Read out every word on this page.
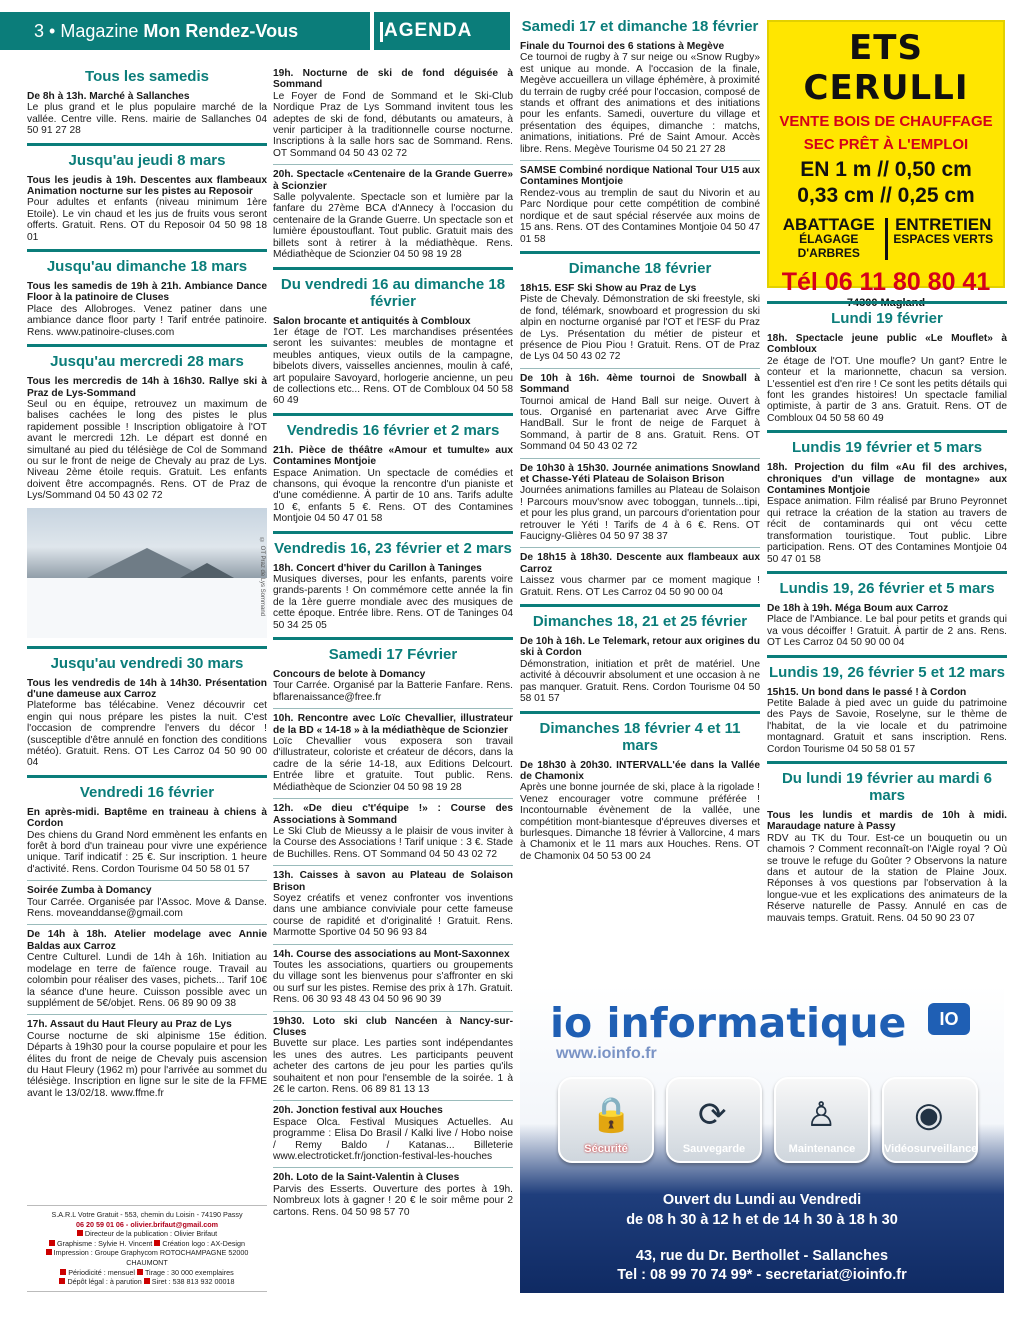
3 • Magazine Mon Rendez-Vous	AGENDA
Tous les samedis
De 8h à 13h. Marché à Sallanches
Le plus grand et le plus populaire marché de la vallée. Centre ville. Rens. mairie de Sallanches 04 50 91 27 28
Jusqu'au jeudi 8 mars
Tous les jeudis à 19h. Descentes aux flambeaux Animation nocturne sur les pistes au Reposoir
Pour adultes et enfants (niveau minimum 1ère Etoile). Le vin chaud et les jus de fruits vous seront offerts. Gratuit. Rens. OT du Reposoir 04 50 98 18 01
Jusqu'au dimanche 18 mars
Tous les samedis de 19h à 21h. Ambiance Dance Floor à la patinoire de Cluses
Place des Allobroges. Venez patiner dans une ambiance dance floor party ! Tarif entrée patinoire. Rens. www.patinoire-cluses.com
Jusqu'au mercredi 28 mars
Tous les mercredis de 14h à 16h30. Rallye ski à Praz de Lys-Sommand
Seul ou en équipe, retrouvez un maximum de balises cachées le long des pistes le plus rapidement possible ! Inscription obligatoire à l'OT avant le mercredi 12h. Le départ est donné en simultané au pied du télésiège de Col de Sommand ou sur le front de neige de Chevaly au praz de Lys. Niveau 2ème étoile requis. Gratuit. Les enfants doivent être accompagnés. Rens. OT de Praz de Lys/Sommand 04 50 43 02 72
© OT Praz de Lys Sommand
Jusqu'au vendredi 30 mars
Tous les vendredis de 14h à 14h30. Présentation d'une dameuse aux Carroz
Plateforme bas télécabine. Venez découvrir cet engin qui nous prépare les pistes la nuit. C'est l'occasion de comprendre l'envers du décor ! (susceptible d'être annulé en fonction des conditions météo). Gratuit. Rens. OT Les Carroz 04 50 90 00 04
Vendredi 16 février
En après-midi. Baptême en traineau à chiens à Cordon
Des chiens du Grand Nord emmènent les enfants en forêt à bord d'un traineau pour vivre une expérience unique. Tarif indicatif : 25 €. Sur inscription. 1 heure d'activité. Rens. Cordon Tourisme 04 50 58 01 57
Soirée Zumba à Domancy
Tour Carrée. Organisée par l'Assoc. Move & Danse. Rens. moveanddanse@gmail.com
De 14h à 18h. Atelier modelage avec Annie Baldas aux Carroz
Centre Culturel. Lundi de 14h à 16h. Initiation au modelage en terre de faïence rouge. Travail au colombin pour réaliser des vases, pichets... Tarif 10€ la séance d'une heure. Cuisson possible avec un supplément de 5€/objet. Rens. 06 89 90 09 38
17h. Assaut du Haut Fleury au Praz de Lys
Course nocturne de ski alpinisme 15e édition. Départs à 19h30 pour la course populaire et pour les élites du front de neige de Chevaly puis ascension du Haut Fleury (1962 m) pour l'arrivée au sommet du télésiège. Inscription en ligne sur le site de la FFME avant le 13/02/18. www.ffme.fr
S.A.R.L Votre Gratuit - 553, chemin du Loisin - 74190 Passy
06 20 59 01 06 - olivier.brifaut@gmail.com
Directeur de la publication : Olivier Brifaut
Graphisme : Sylvie H. Vincent Création logo : AX-Design
Impression : Groupe Graphycom ROTOCHAMPAGNE 52000 CHAUMONT
Périodicité : mensuel Tirage : 30 000 exemplaires
Dépôt légal : à parution Siret : 538 813 932 00018
19h. Nocturne de ski de fond déguisée à Sommand
Le Foyer de Fond de Sommand et le Ski-Club Nordique Praz de Lys Sommand invitent tous les adeptes de ski de fond, débutants ou amateurs, à venir participer à la traditionnelle course nocturne. Inscriptions à la salle hors sac de Sommand. Rens. OT Sommand 04 50 43 02 72
20h. Spectacle «Centenaire de la Grande Guerre» à Scionzier
Salle polyvalente. Spectacle son et lumière par la fanfare du 27ème BCA d'Annecy à l'occasion du centenaire de la Grande Guerre. Un spectacle son et lumière époustouflant. Tout public. Gratuit mais des billets sont à retirer à la médiathèque. Rens. Médiathèque de Scionzier 04 50 98 19 28
Du vendredi 16 au dimanche 18 février
Salon brocante et antiquités à Combloux
1er étage de l'OT. Les marchandises présentées seront les suivantes: meubles de montagne et meubles antiques, vieux outils de la campagne, bibelots divers, vaisselles anciennes, moulin à café, art populaire Savoyard, horlogerie ancienne, un peu de collections etc... Rens. OT de Combloux 04 50 58 60 49
Vendredis 16 février et 2 mars
21h. Pièce de théâtre «Amour et tumulte» aux Contamines Montjoie
Espace Animation. Un spectacle de comédies et chansons, qui évoque la rencontre d'un pianiste et d'une comédienne. À partir de 10 ans. Tarifs adulte 10 €, enfants 5 €. Rens. OT des Contamines Montjoie 04 50 47 01 58
Vendredis 16, 23 février et 2 mars
18h. Concert d'hiver du Carillon à Taninges
Musiques diverses, pour les enfants, parents voire grands-parents ! On commémore cette année la fin de la 1ère guerre mondiale avec des musiques de cette époque. Entrée libre. Rens. OT de Taninges 04 50 34 25 05
Samedi 17 Février
Concours de belote à Domancy
Tour Carrée. Organisé par la Batterie Fanfare. Rens. bflarenaissance@free.fr
10h. Rencontre avec Loïc Chevallier, illustrateur de la BD « 14-18 » à la médiathèque de Scionzier
Loïc Chevallier vous exposera son travail d'illustrateur, coloriste et créateur de décors, dans la cadre de la série 14-18, aux Editions Delcourt. Entrée libre et gratuite. Tout public. Rens. Médiathèque de Scionzier 04 50 98 19 28
12h. «De dieu c't'équipe !» : Course des Associations à Sommand
Le Ski Club de Mieussy a le plaisir de vous inviter à la Course des Associations ! Tarif unique : 3 €. Stade de Buchilles. Rens. OT Sommand 04 50 43 02 72
13h. Caisses à savon au Plateau de Solaison Brison
Soyez créatifs et venez confronter vos inventions dans une ambiance conviviale pour cette fameuse course de rapidité et d'originalité ! Gratuit. Rens. Marmotte Sportive 04 50 96 93 84
14h. Course des associations au Mont-Saxonnex
Toutes les associations, quartiers ou groupements du village sont les bienvenus pour s'affronter en ski ou surf sur les pistes. Remise des prix à 17h. Gratuit. Rens. 06 30 93 48 43 04 50 96 90 39
19h30. Loto ski club Nancéen à Nancy-sur-Cluses
Buvette sur place. Les parties sont indépendantes les unes des autres. Les participants peuvent acheter des cartons de jeu pour les parties qu'ils souhaitent et non pour l'ensemble de la soirée. 1 à 2€ le carton. Rens. 06 89 81 13 13
20h. Jonction festival aux Houches
Espace Olca. Festival Musiques Actuelles. Au programme : Elisa Do Brasil / Kalki live / Hobo noise / Remy Baldo / Katanas... Billeterie www.electroticket.fr/jonction-festival-les-houches
20h. Loto de la Saint-Valentin à Cluses
Parvis des Esserts. Ouverture des portes à 19h. Nombreux lots à gagner ! 20 € le soir même pour 2 cartons. Rens. 04 50 98 57 70
Samedi 17 et dimanche 18 février
Finale du Tournoi des 6 stations à Megève
Ce tournoi de rugby à 7 sur neige ou «Snow Rugby» est unique au monde. A l'occasion de la finale, Megève accueillera un village éphémère, à proximité du terrain de rugby créé pour l'occasion, composé de stands et offrant des animations et des initiations pour les enfants. Samedi, ouverture du village et présentation des équipes, dimanche : matchs, animations, initiations. Pré de Saint Amour. Accès libre. Rens. Megève Tourisme 04 50 21 27 28
SAMSE Combiné nordique National Tour U15 aux Contamines Montjoie
Rendez-vous au tremplin de saut du Nivorin et au Parc Nordique pour cette compétition de combiné nordique et de saut spécial réservée aux moins de 15 ans. Rens. OT des Contamines Montjoie 04 50 47 01 58
Dimanche 18 février
18h15. ESF Ski Show au Praz de Lys
Piste de Chevaly. Démonstration de ski freestyle, ski de fond, télémark, snowboard et progression du ski alpin en nocturne organisé par l'OT et l'ESF du Praz de Lys. Présentation du métier de pisteur et présence de Piou Piou ! Gratuit. Rens. OT de Praz de Lys 04 50 43 02 72
De 10h à 16h. 4ème tournoi de Snowball à Sommand
Tournoi amical de Hand Ball sur neige. Ouvert à tous. Organisé en partenariat avec Arve Giffre HandBall. Sur le front de neige de Farquet à Sommand, à partir de 8 ans. Gratuit. Rens. OT Sommand 04 50 43 02 72
De 10h30 à 15h30. Journée animations Snowland et Chasse-Yéti Plateau de Solaison Brison
Journées animations familles au Plateau de Solaison ! Parcours mouv'snow avec toboggan, tunnels...tipi, et pour les plus grand, un parcours d'orientation pour retrouver le Yéti ! Tarifs de 4 à 6 €. Rens. OT Faucigny-Glières 04 50 97 38 37
De 18h15 à 18h30. Descente aux flambeaux aux Carroz
Laissez vous charmer par ce moment magique ! Gratuit. Rens. OT Les Carroz 04 50 90 00 04
Dimanches 18, 21 et 25 février
De 10h à 16h. Le Telemark, retour aux origines du ski à Cordon
Démonstration, initiation et prêt de matériel. Une activité à découvrir absolument et une occasion à ne pas manquer. Gratuit. Rens. Cordon Tourisme 04 50 58 01 57
Dimanches 18 février 4 et 11 mars
De 18h30 à 20h30. INTERVALL'ée dans la Vallée de Chamonix
Après une bonne journée de ski, place à la rigolade ! Venez encourager votre commune préférée ! Incontournable évènement de la vallée, une compétition mont-biantesque d'épreuves diverses et burlesques. Dimanche 18 février à Vallorcine, 4 mars à Chamonix et le 11 mars aux Houches. Rens. OT de Chamonix 04 50 53 00 24
ETS CERULLI
VENTE BOIS DE CHAUFFAGE
SEC PRÊT À L'EMPLOI
EN 1 m // 0,50 cm
0,33 cm // 0,25 cm
ABATTAGE
ÉLAGAGE D'ARBRES
ENTRETIEN
ESPACES VERTS
Tél 06 11 80 80 41
74300 Magland
Lundi 19 février
18h. Spectacle jeune public «Le Mouflet» à Combloux
2e étage de l'OT. Une moufle? Un gant? Entre le conteur et la marionnette, chacun sa version. L'essentiel est d'en rire ! Ce sont les petits détails qui font les grandes histoires! Un spectacle familial optimiste, à partir de 3 ans. Gratuit. Rens. OT de Combloux 04 50 58 60 49
Lundis 19 février et 5 mars
18h. Projection du film «Au fil des archives, chroniques d'un village de montagne» aux Contamines Montjoie
Espace animation. Film réalisé par Bruno Peyronnet qui retrace la création de la station au travers de récit de contaminards qui ont vécu cette transformation touristique. Tout public. Libre participation. Rens. OT des Contamines Montjoie 04 50 47 01 58
Lundis 19, 26 février et 5 mars
De 18h à 19h. Méga Boum aux Carroz
Place de l'Ambiance. Le bal pour petits et grands qui va vous décoiffer ! Gratuit. À partir de 2 ans. Rens. OT Les Carroz 04 50 90 00 04
Lundis 19, 26 février 5 et 12 mars
15h15. Un bond dans le passé ! à Cordon
Petite Balade à pied avec un guide du patrimoine des Pays de Savoie, Roselyne, sur le thème de l'habitat, de la vie locale et du patrimoine montagnard. Gratuit et sans inscription. Rens. Cordon Tourisme 04 50 58 01 57
Du lundi 19 février au mardi 6 mars
Tous les lundis et mardis de 10h à midi. Maraudage nature à Passy
RDV au TK du Tour. Est-ce un bouquetin ou un chamois ? Comment reconnaît-on l'Aigle royal ? Où se trouve le refuge du Goûter ? Observons la nature dans et autour de la station de Plaine Joux. Réponses à vos questions par l'observation à la longue-vue et les explications des animateurs de la Réserve naturelle de Passy. Annulé en cas de mauvais temps. Gratuit. Rens. 04 50 90 23 07
io informatique	IO
www.ioinfo.fr
🔒
Sécurité
⟳
Sauvegarde
♙
Maintenance
◉
Vidéosurveillance
Ouvert du Lundi au Vendredi
de 08 h 30 à 12 h et de 14 h 30 à 18 h 30
43, rue du Dr. Berthollet - Sallanches
Tel : 08 99 70 74 99* - secretariat@ioinfo.fr
